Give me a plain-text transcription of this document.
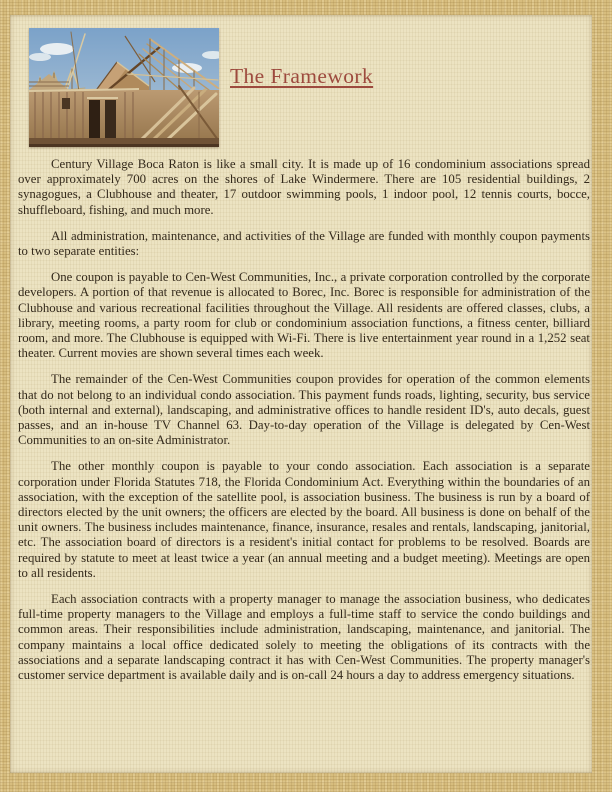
The Framework

Century Village Boca Raton is like a small city. It is made up of 16 condominium associations spread over approximately 700 acres on the shores of Lake Windermere. There are 105 residential buildings, 2 synagogues, a Clubhouse and theater, 17 outdoor swimming pools, 1 indoor pool, 12 tennis courts, bocce, shuffleboard, fishing, and much more.

All administration, maintenance, and activities of the Village are funded with monthly coupon payments to two separate entities:

One coupon is payable to Cen-West Communities, Inc., a private corporation controlled by the corporate developers. A portion of that revenue is allocated to Borec, Inc. Borec is responsible for administration of the Clubhouse and various recreational facilities throughout the Village. All residents are offered classes, clubs, a library, meeting rooms, a party room for club or condominium association functions, a fitness center, billiard room, and more. The Clubhouse is equipped with Wi-Fi. There is live entertainment year round in a 1,252 seat theater. Current movies are shown several times each week.

The remainder of the Cen-West Communities coupon provides for operation of the common elements that do not belong to an individual condo association. This payment funds roads, lighting, security, bus service (both internal and external), landscaping, and administrative offices to handle resident ID's, auto decals, guest passes, and an in-house TV Channel 63. Day-to-day operation of the Village is delegated by Cen-West Communities to an on-site Administrator.

The other monthly coupon is payable to your condo association. Each association is a separate corporation under Florida Statutes 718, the Florida Condominium Act. Everything within the boundaries of an association, with the exception of the satellite pool, is association business. The business is run by a board of directors elected by the unit owners; the officers are elected by the board. All business is done on behalf of the unit owners. The business includes maintenance, finance, insurance, resales and rentals, landscaping, janitorial, etc. The association board of directors is a resident's initial contact for problems to be resolved. Boards are required by statute to meet at least twice a year (an annual meeting and a budget meeting). Meetings are open to all residents.

Each association contracts with a property manager to manage the association business, who dedicates full-time property managers to the Village and employs a full-time staff to service the condo buildings and common areas. Their responsibilities include administration, landscaping, maintenance, and janitorial. The company maintains a local office dedicated solely to meeting the obligations of its contracts with the associations and a separate landscaping contract it has with Cen-West Communities. The property manager's customer service department is available daily and is on-call 24 hours a day to address emergency situations.
